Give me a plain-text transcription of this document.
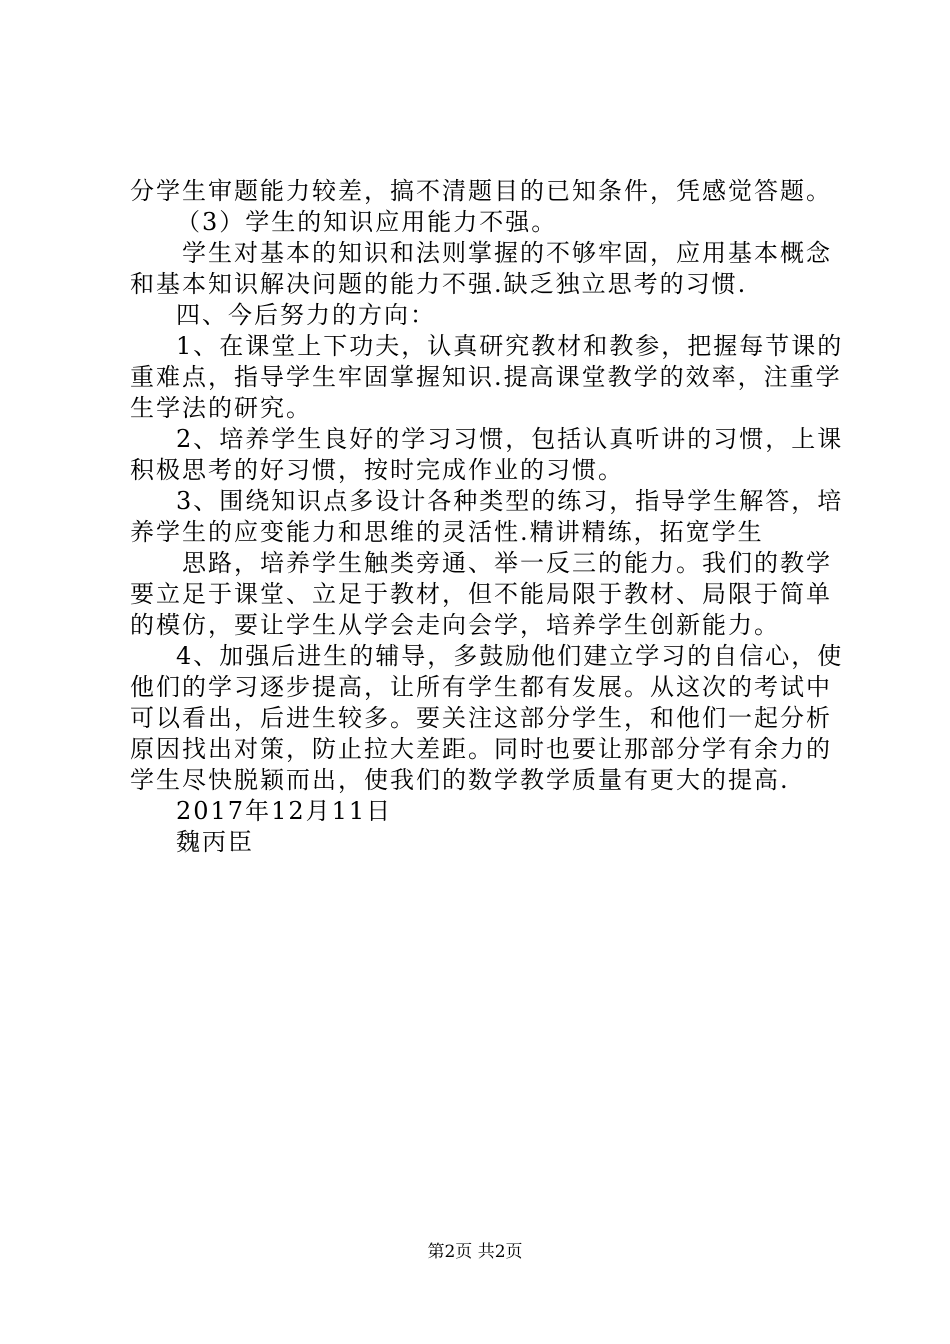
分学生审题能力较差，搞不清题目的已知条件，凭感觉答题。
（3）学生的知识应用能力不强。
学生对基本的知识和法则掌握的不够牢固，应用基本概念
和基本知识解决问题的能力不强.缺乏独立思考的习惯.
四、今后努力的方向：
1、在课堂上下功夫，认真研究教材和教参，把握每节课的
重难点，指导学生牢固掌握知识.提高课堂教学的效率，注重学
生学法的研究。
2、培养学生良好的学习习惯，包括认真听讲的习惯，上课
积极思考的好习惯，按时完成作业的习惯。
3、围绕知识点多设计各种类型的练习，指导学生解答，培
养学生的应变能力和思维的灵活性.精讲精练，拓宽学生
思路，培养学生触类旁通、举一反三的能力。我们的教学
要立足于课堂、立足于教材，但不能局限于教材、局限于简单
的模仿，要让学生从学会走向会学，培养学生创新能力。
4、加强后进生的辅导，多鼓励他们建立学习的自信心，使
他们的学习逐步提高，让所有学生都有发展。从这次的考试中
可以看出，后进生较多。要关注这部分学生，和他们一起分析
原因找出对策，防止拉大差距。同时也要让那部分学有余力的
学生尽快脱颖而出，使我们的数学教学质量有更大的提高.
2017年12月11日
魏丙臣
第2页 共2页
